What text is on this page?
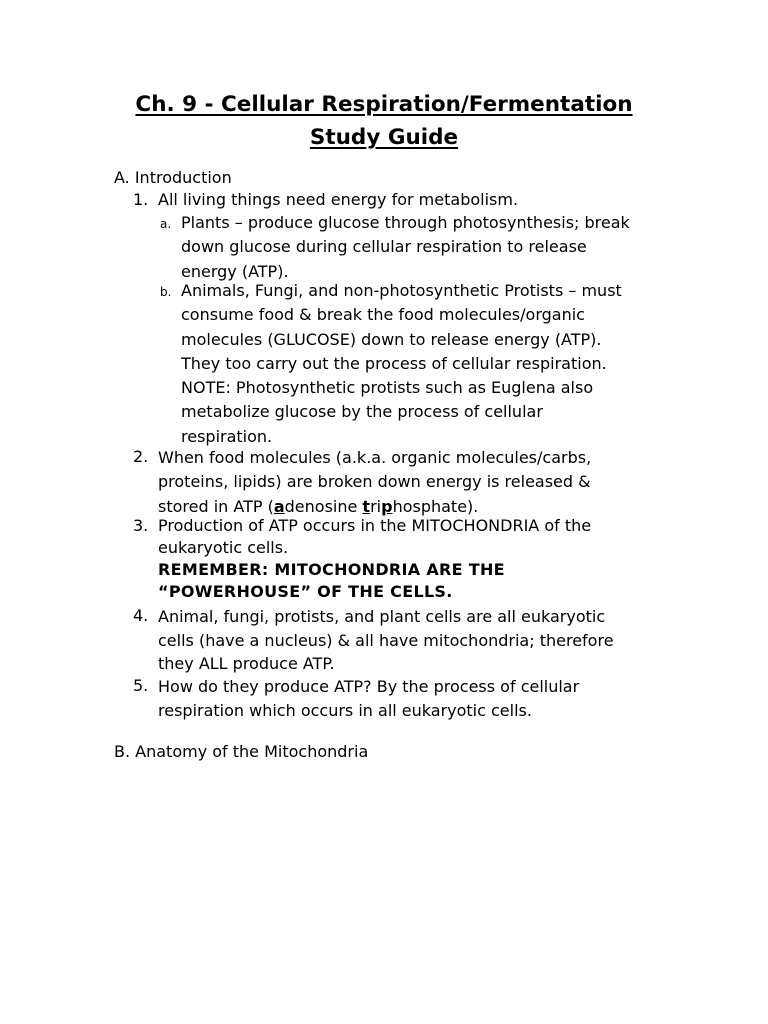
Ch. 9 - Cellular Respiration/Fermentation
Study Guide
A. Introduction
1. All living things need energy for metabolism.
a. Plants – produce glucose through photosynthesis; break
down glucose during cellular respiration to release
energy (ATP).
b. Animals, Fungi, and non-photosynthetic Protists – must
consume food & break the food molecules/organic
molecules (GLUCOSE) down to release energy (ATP).
They too carry out the process of cellular respiration.
NOTE: Photosynthetic protists such as Euglena also
metabolize glucose by the process of cellular
respiration.
2. When food molecules (a.k.a. organic molecules/carbs,
proteins, lipids) are broken down energy is released &
stored in ATP (adenosine triphosphate).
3. Production of ATP occurs in the MITOCHONDRIA of the
eukaryotic cells.
REMEMBER: MITOCHONDRIA ARE THE
“POWERHOUSE” OF THE CELLS.
4. Animal, fungi, protists, and plant cells are all eukaryotic
cells (have a nucleus) & all have mitochondria; therefore
they ALL produce ATP.
5. How do they produce ATP? By the process of cellular
respiration which occurs in all eukaryotic cells.
B. Anatomy of the Mitochondria
